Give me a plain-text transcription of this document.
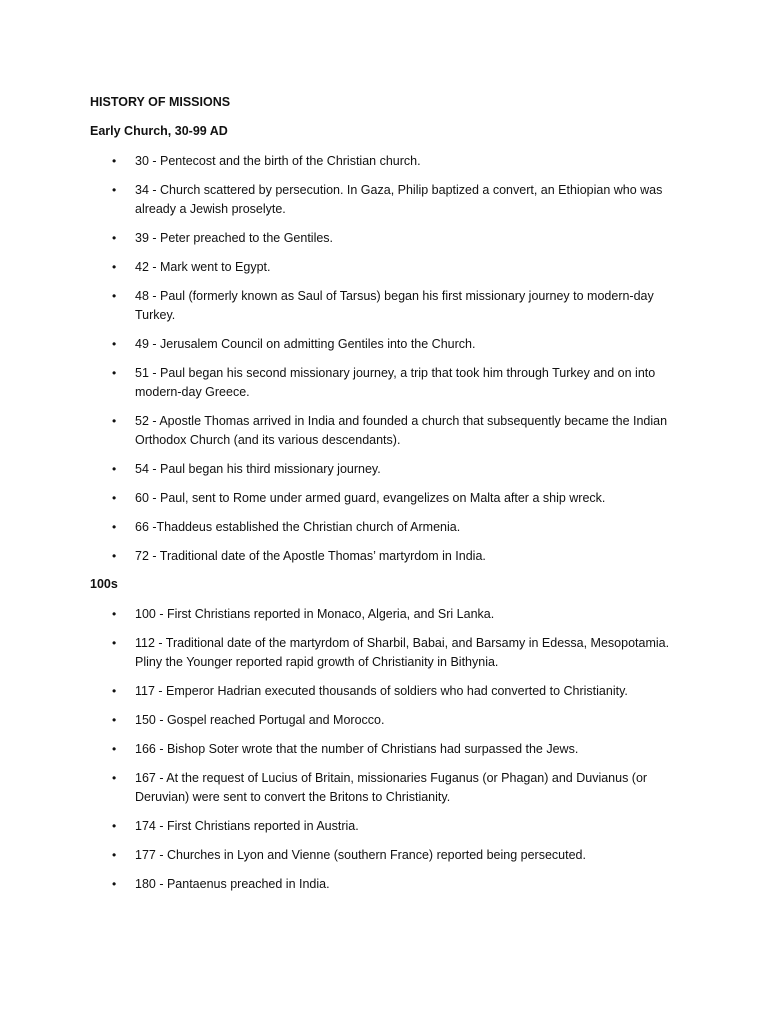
HISTORY OF MISSIONS
Early Church, 30-99 AD
• 30 - Pentecost and the birth of the Christian church.
• 34 - Church scattered by persecution. In Gaza, Philip baptized a convert, an Ethiopian who was already a Jewish proselyte.
• 39 - Peter preached to the Gentiles.
• 42 - Mark went to Egypt.
• 48 - Paul (formerly known as Saul of Tarsus) began his first missionary journey to modern-day Turkey.
• 49 - Jerusalem Council on admitting Gentiles into the Church.
• 51 - Paul began his second missionary journey, a trip that took him through Turkey and on into modern-day Greece.
• 52 - Apostle Thomas arrived in India and founded a church that subsequently became the Indian Orthodox Church (and its various descendants).
• 54 - Paul began his third missionary journey.
• 60 - Paul, sent to Rome under armed guard, evangelizes on Malta after a ship wreck.
• 66 -Thaddeus established the Christian church of Armenia.
• 72 - Traditional date of the Apostle Thomas’ martyrdom in India.
100s
• 100 - First Christians reported in Monaco, Algeria, and Sri Lanka.
• 112 - Traditional date of the martyrdom of Sharbil, Babai, and Barsamy in Edessa, Mesopotamia. Pliny the Younger reported rapid growth of Christianity in Bithynia.
• 117 - Emperor Hadrian executed thousands of soldiers who had converted to Christianity.
• 150 - Gospel reached Portugal and Morocco.
• 166 - Bishop Soter wrote that the number of Christians had surpassed the Jews.
• 167 - At the request of Lucius of Britain, missionaries Fuganus (or Phagan) and Duvianus (or Deruvian) were sent to convert the Britons to Christianity.
• 174 - First Christians reported in Austria.
• 177 - Churches in Lyon and Vienne (southern France) reported being persecuted.
• 180 - Pantaenus preached in India.
